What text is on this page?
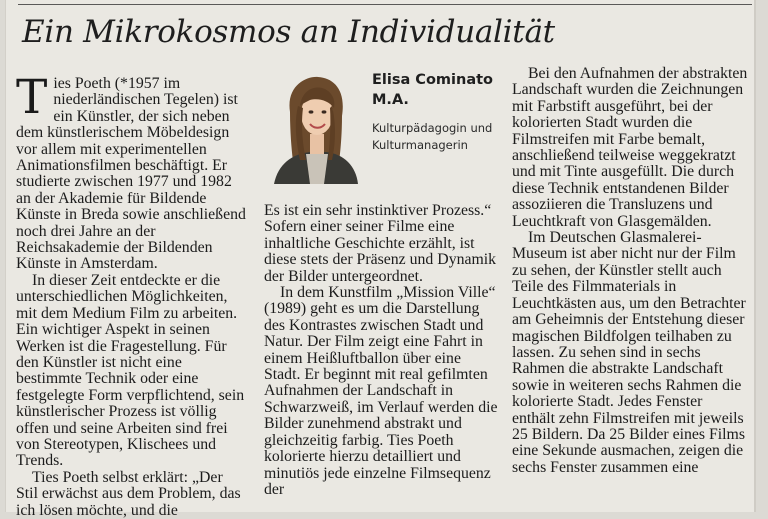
Ein Mikrokosmos an Individualität

Ties Poeth (*1957 im niederländischen Tegelen) ist ein Künstler, der sich neben dem künstlerischem Möbeldesign vor allem mit experimentellen Animationsfilmen beschäftigt. Er studierte zwischen 1977 und 1982 an der Akademie für Bildende Künste in Breda sowie anschließend noch drei Jahre an der Reichsakademie der Bildenden Künste in Amsterdam.

In dieser Zeit entdeckte er die unterschiedlichen Möglichkeiten, mit dem Medium Film zu arbeiten. Ein wichtiger Aspekt in seinen Werken ist die Fragestellung. Für den Künstler ist nicht eine bestimmte Technik oder eine festgelegte Form verpflichtend, sein künstlerischer Prozess ist völlig offen und seine Arbeiten sind frei von Stereotypen, Klischees und Trends.

Ties Poeth selbst erklärt: „Der Stil erwächst aus dem Problem, das ich lösen möchte, und die

Elisa Cominato M.A.
Kulturpädagogin und Kulturmanagerin

Es ist ein sehr instinktiver Prozess.“ Sofern einer seiner Filme eine inhaltliche Geschichte erzählt, ist diese stets der Präsenz und Dynamik der Bilder untergeordnet.

In dem Kunstfilm „Mission Ville“ (1989) geht es um die Darstellung des Kontrastes zwischen Stadt und Natur. Der Film zeigt eine Fahrt in einem Heißluftballon über eine Stadt. Er beginnt mit real gefilmten Aufnahmen der Landschaft in Schwarzweiß, im Verlauf werden die Bilder zunehmend abstrakt und gleichzeitig farbig. Ties Poeth kolorierte hierzu detailliert und minutiös jede einzelne Filmsequenz der

Bei den Aufnahmen der abstrakten Landschaft wurden die Zeichnungen mit Farbstift ausgeführt, bei der kolorierten Stadt wurden die Filmstreifen mit Farbe bemalt, anschließend teilweise weggekratzt und mit Tinte ausgefüllt. Die durch diese Technik entstandenen Bilder assoziieren die Transluzens und Leuchtkraft von Glasgemälden.

Im Deutschen Glasmalerei-Museum ist aber nicht nur der Film zu sehen, der Künstler stellt auch Teile des Filmmaterials in Leuchtkästen aus, um den Betrachter am Geheimnis der Entstehung dieser magischen Bildfolgen teilhaben zu lassen. Zu sehen sind in sechs Rahmen die abstrakte Landschaft sowie in weiteren sechs Rahmen die kolorierte Stadt. Jedes Fenster enthält zehn Filmstreifen mit jeweils 25 Bildern. Da 25 Bilder eines Films eine Sekunde ausmachen, zeigen die sechs Fenster zusammen eine
